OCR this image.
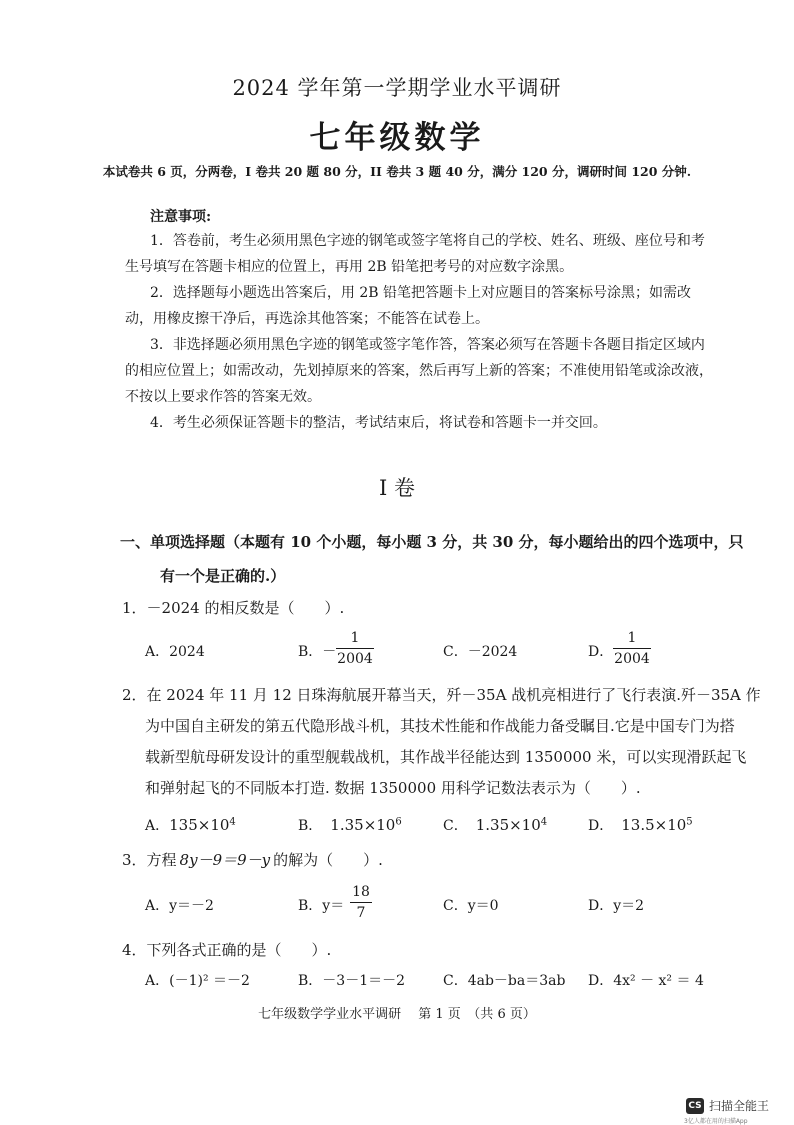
2024 学年第一学期学业水平调研
七年级数学
本试卷共 6 页，分两卷，I 卷共 20 题 80 分，II 卷共 3 题 40 分，满分 120 分，调研时间 120 分钟.
注意事项:
1．答卷前，考生必须用黑色字迹的钢笔或签字笔将自己的学校、姓名、班级、座位号和考生号填写在答题卡相应的位置上，再用 2B 铅笔把考号的对应数字涂黑。
2．选择题每小题选出答案后，用 2B 铅笔把答题卡上对应题目的答案标号涂黑；如需改动，用橡皮擦干净后，再选涂其他答案；不能答在试卷上。
3．非选择题必须用黑色字迹的钢笔或签字笔作答，答案必须写在答题卡各题目指定区域内的相应位置上；如需改动，先划掉原来的答案，然后再写上新的答案；不准使用铅笔或涂改液，不按以上要求作答的答案无效。
4．考生必须保证答题卡的整洁，考试结束后，将试卷和答题卡一并交回。
I 卷
一、单项选择题（本题有 10 个小题，每小题 3 分，共 30 分，每小题给出的四个选项中，只
有一个是正确的.）
1．－2024 的相反数是（　　）.
A．2024	B．－
1
2004	C．－2024	D．
1
2004
2．在 2024 年 11 月 12 日珠海航展开幕当天，歼－35A 战机亮相进行了飞行表演.歼－35A 作
为中国自主研发的第五代隐形战斗机，其技术性能和作战能力备受瞩目.它是中国专门为搭
载新型航母研发设计的重型舰载战机，其作战半径能达到 1350000 米，可以实现滑跃起飞
和弹射起飞的不同版本打造. 数据 1350000 用科学记数法表示为（　　）.
A．$135\times 10^4$	B． $1.35\times 10^6$	C． $1.35\times 10^4$	D． $13.5\times 10^5$
3．方程 8y－9＝9－y 的解为（　　）.
A．y＝－2	B．y＝
18
7	C．y＝0	D．y＝2
4．下列各式正确的是（　　）.
A．(－1)² ＝－2	B．－3－1＝－2	C．4ab－ba＝3ab D．4x² － x² ＝ 4
七年级数学学业水平调研　 第 1 页　（共 6 页）
CS 扫描全能王
3亿人都在用的扫描App
